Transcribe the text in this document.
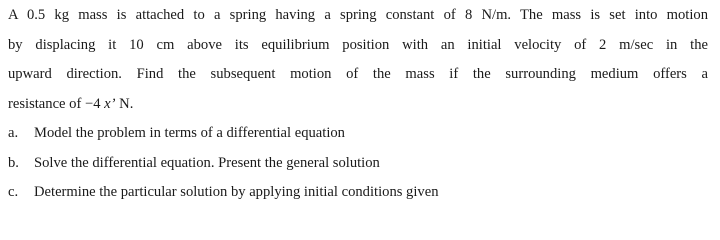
A 0.5 kg mass is attached to a spring having a spring constant of 8 N/m. The mass is set into motion
by displacing it 10 cm above its equilibrium position with an initial velocity of 2 m/sec in the
upward direction. Find the subsequent motion of the mass if the surrounding medium offers a
resistance of −4 x’ N.
a. Model the problem in terms of a differential equation
b. Solve the differential equation. Present the general solution
c. Determine the particular solution by applying initial conditions given
